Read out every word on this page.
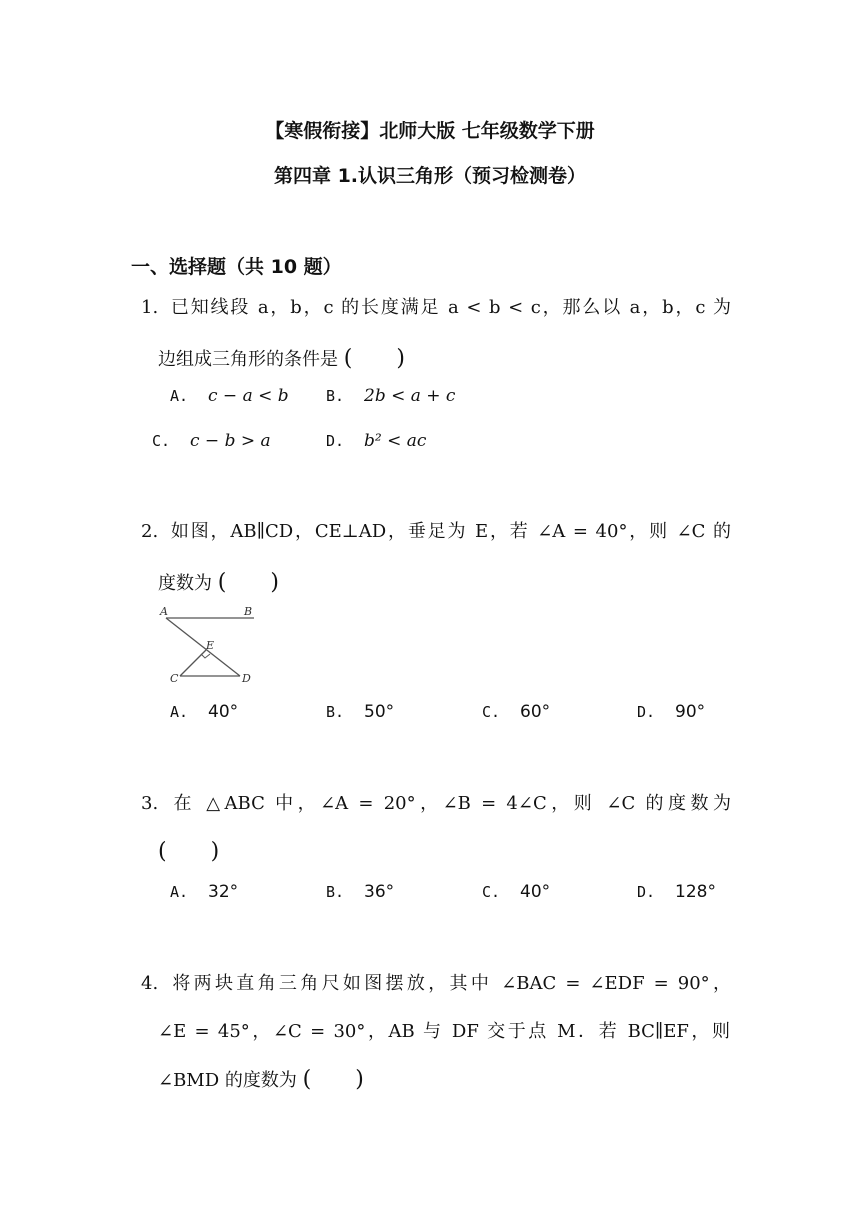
【寒假衔接】北师大版 七年级数学下册
第四章 1.认识三角形（预习检测卷）
一、选择题（共 10 题）
1. 已知线段 a，b，c 的长度满足 a < b < c，那么以 a，b，c 为
边组成三角形的条件是 (　　)
A. c − a < b B. 2b < a + c
C. c − b > a	D. b² < ac
2. 如图，AB∥CD，CE⊥AD，垂足为 E，若 ∠A = 40°，则 ∠C 的
度数为 (　　)
A	B
E
C	D
A. 40°	B. 50°	C. 60°	D. 90°
3. 在 △ABC 中，∠A = 20°，∠B = 4∠C，则 ∠C 的度数为
(　　)
A. 32°	B. 36°	C. 40°	D. 128°
4. 将两块直角三角尺如图摆放，其中 ∠BAC = ∠EDF = 90°，
∠E = 45°，∠C = 30°，AB 与 DF 交于点 M．若 BC∥EF，则
∠BMD 的度数为 (　　)
